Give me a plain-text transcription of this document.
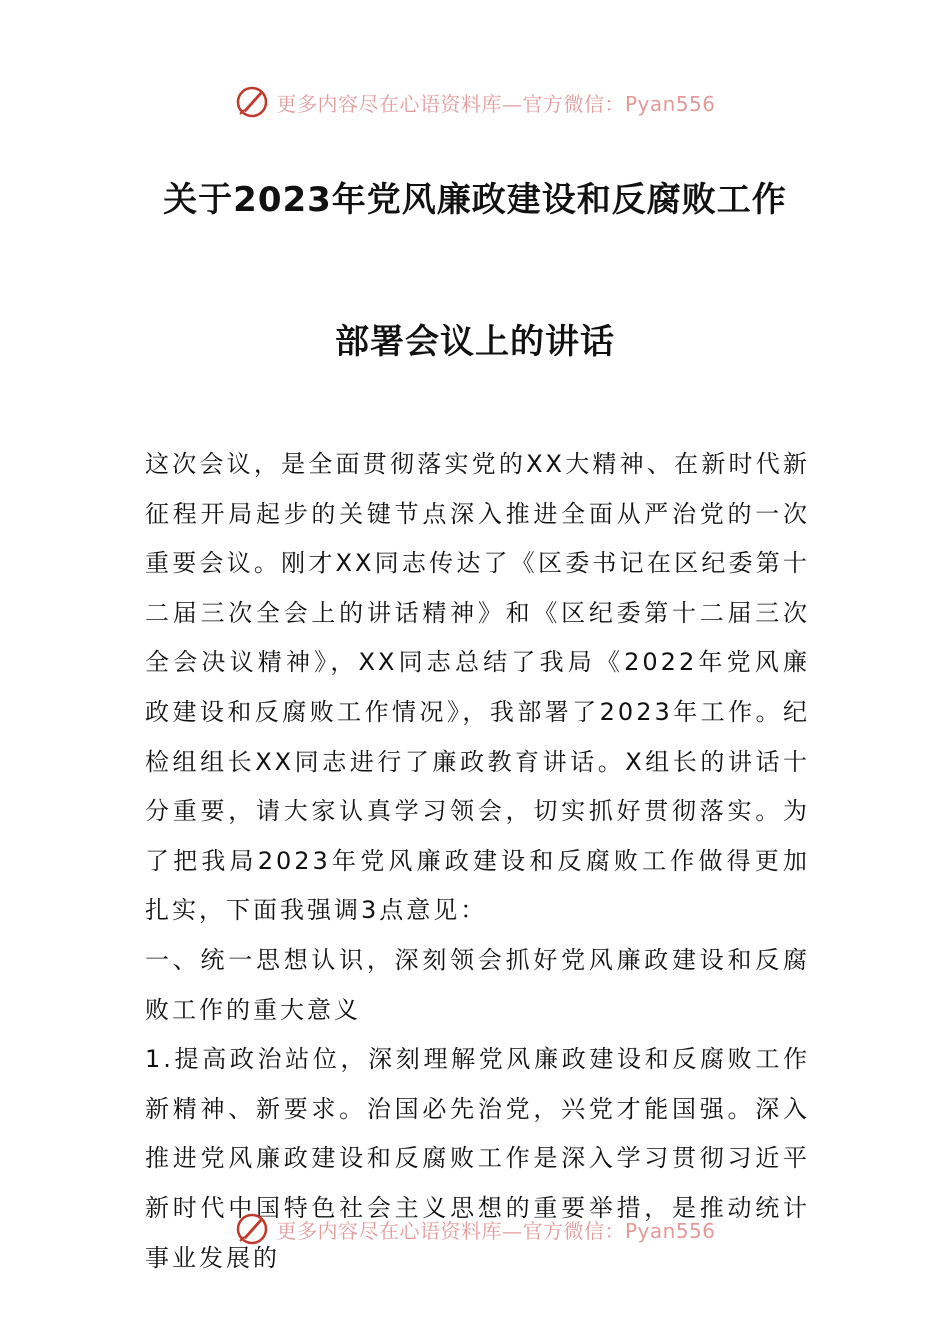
更多内容尽在心语资料库—官方微信：Pyan556
关于2023年党风廉政建设和反腐败工作
部署会议上的讲话

这次会议，是全面贯彻落实党的XX大精神、在新时代新征程开局起步的关键节点深入推进全面从严治党的一次重要会议。刚才XX同志传达了《区委书记在区纪委第十二届三次全会上的讲话精神》和《区纪委第十二届三次全会决议精神》，XX同志总结了我局《2022年党风廉政建设和反腐败工作情况》，我部署了2023年工作。纪检组组长XX同志进行了廉政教育讲话。X组长的讲话十分重要，请大家认真学习领会，切实抓好贯彻落实。为了把我局2023年党风廉政建设和反腐败工作做得更加扎实，下面我强调3点意见：

一、统一思想认识，深刻领会抓好党风廉政建设和反腐败工作的重大意义

1.提高政治站位，深刻理解党风廉政建设和反腐败工作新精神、新要求。治国必先治党，兴党才能国强。深入推进党风廉政建设和反腐败工作是深入学习贯彻习近平新时代中国特色社会主义思想的重要举措，是推动统计事业发展的

更多内容尽在心语资料库—官方微信：Pyan556
